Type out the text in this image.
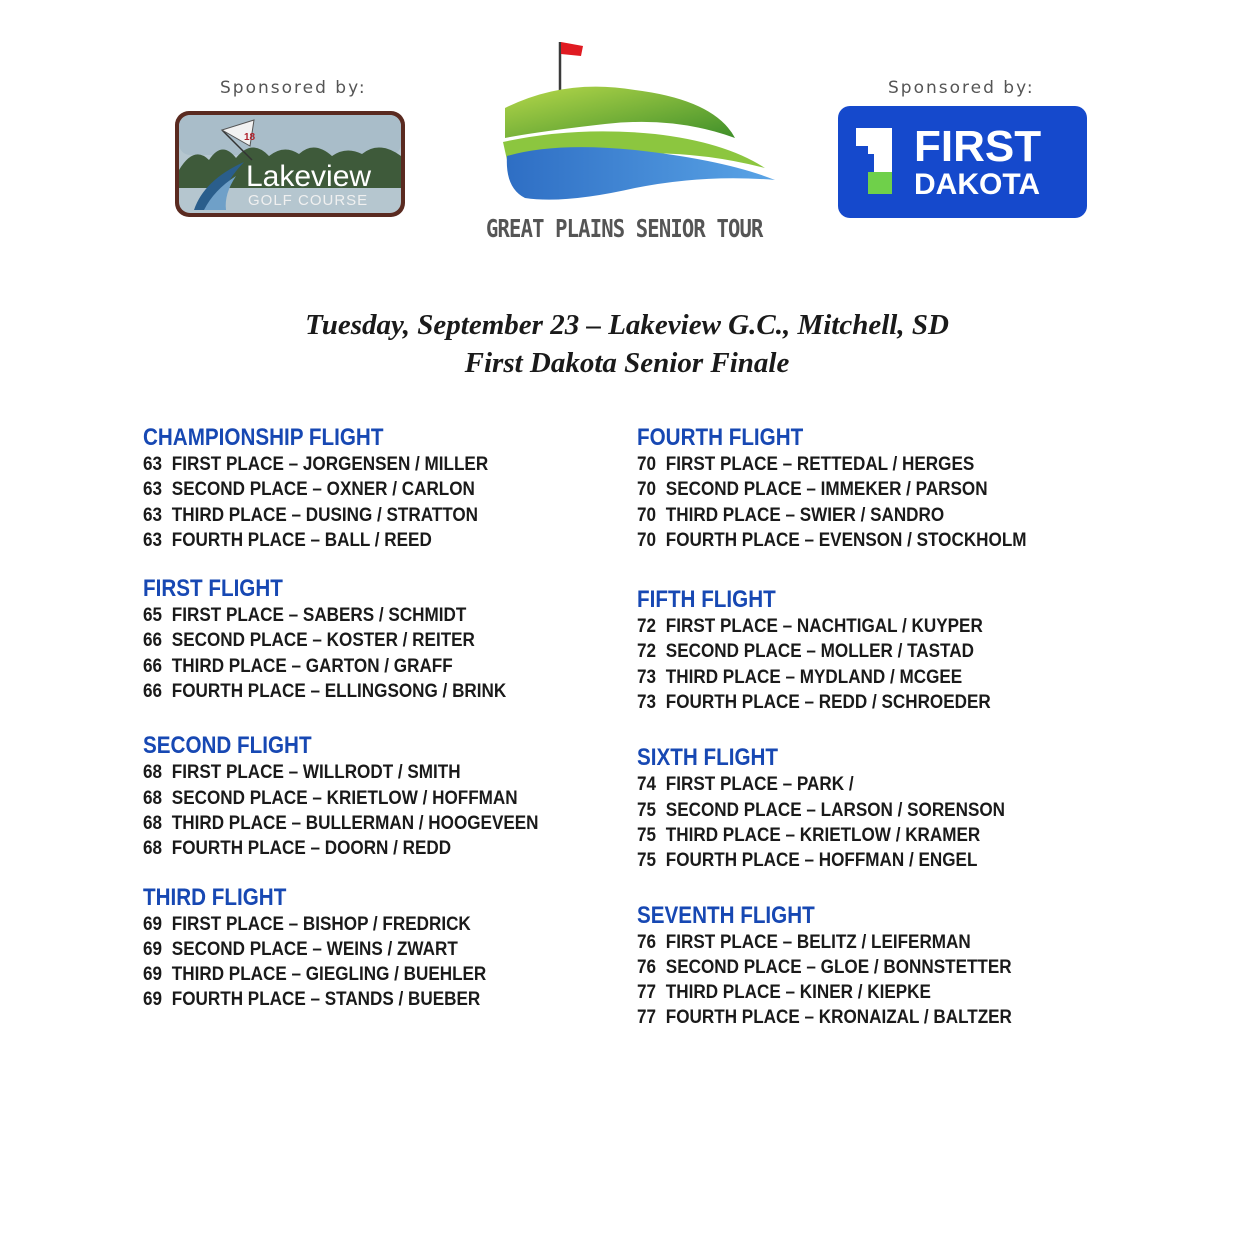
Sponsored by:	Sponsored by:
18
Lakeview
GOLF COURSE
GREAT PLAINS SENIOR TOUR
FIRST
DAKOTA
Tuesday, September 23 – Lakeview G.C., Mitchell, SD
First Dakota Senior Finale
CHAMPIONSHIP FLIGHT
63 FIRST PLACE – JORGENSEN / MILLER
63 SECOND PLACE – OXNER / CARLON
63 THIRD PLACE – DUSING / STRATTON
63 FOURTH PLACE – BALL / REED
FIRST FLIGHT
65 FIRST PLACE – SABERS / SCHMIDT
66 SECOND PLACE – KOSTER / REITER
66 THIRD PLACE – GARTON / GRAFF
66 FOURTH PLACE – ELLINGSONG / BRINK
SECOND FLIGHT
68 FIRST PLACE – WILLRODT / SMITH
68 SECOND PLACE – KRIETLOW / HOFFMAN
68 THIRD PLACE – BULLERMAN / HOOGEVEEN
68 FOURTH PLACE – DOORN / REDD
THIRD FLIGHT
69 FIRST PLACE – BISHOP / FREDRICK
69 SECOND PLACE – WEINS / ZWART
69 THIRD PLACE – GIEGLING / BUEHLER
69 FOURTH PLACE – STANDS / BUEBER
FOURTH FLIGHT
70 FIRST PLACE – RETTEDAL / HERGES
70 SECOND PLACE – IMMEKER / PARSON
70 THIRD PLACE – SWIER / SANDRO
70 FOURTH PLACE – EVENSON / STOCKHOLM
FIFTH FLIGHT
72 FIRST PLACE – NACHTIGAL / KUYPER
72 SECOND PLACE – MOLLER / TASTAD
73 THIRD PLACE – MYDLAND / MCGEE
73 FOURTH PLACE – REDD / SCHROEDER
SIXTH FLIGHT
74 FIRST PLACE – PARK /
75 SECOND PLACE – LARSON / SORENSON
75 THIRD PLACE – KRIETLOW / KRAMER
75 FOURTH PLACE – HOFFMAN / ENGEL
SEVENTH FLIGHT
76 FIRST PLACE – BELITZ / LEIFERMAN
76 SECOND PLACE – GLOE / BONNSTETTER
77 THIRD PLACE – KINER / KIEPKE
77 FOURTH PLACE – KRONAIZAL / BALTZER
